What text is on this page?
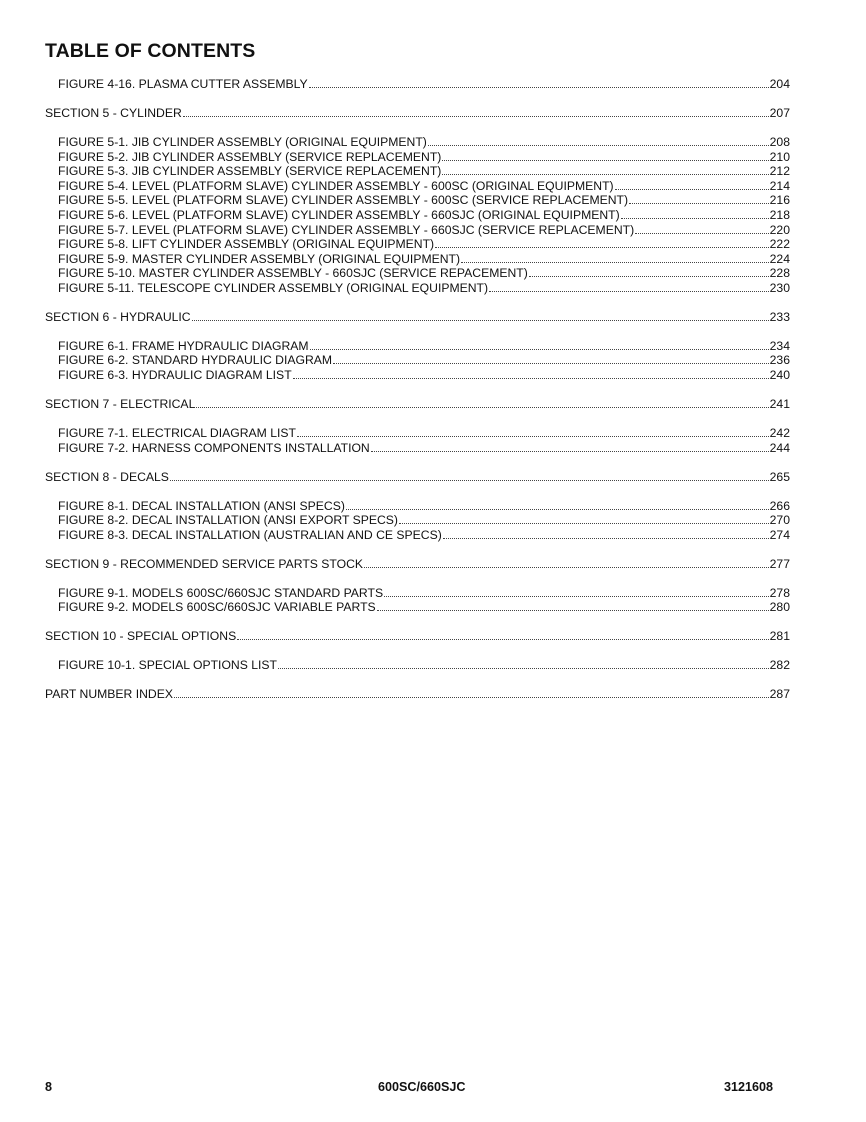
TABLE OF CONTENTS
FIGURE 4-16. PLASMA CUTTER ASSEMBLY	204
SECTION 5 - CYLINDER	207
FIGURE 5-1. JIB CYLINDER ASSEMBLY (ORIGINAL EQUIPMENT)	208
FIGURE 5-2. JIB CYLINDER ASSEMBLY (SERVICE REPLACEMENT)	210
FIGURE 5-3. JIB CYLINDER ASSEMBLY (SERVICE REPLACEMENT)	212
FIGURE 5-4. LEVEL (PLATFORM SLAVE) CYLINDER ASSEMBLY - 600SC (ORIGINAL EQUIPMENT)	214
FIGURE 5-5. LEVEL (PLATFORM SLAVE) CYLINDER ASSEMBLY - 600SC (SERVICE REPLACEMENT)	216
FIGURE 5-6. LEVEL (PLATFORM SLAVE) CYLINDER ASSEMBLY - 660SJC (ORIGINAL EQUIPMENT)	218
FIGURE 5-7. LEVEL (PLATFORM SLAVE) CYLINDER ASSEMBLY - 660SJC (SERVICE REPLACEMENT)	220
FIGURE 5-8. LIFT CYLINDER ASSEMBLY (ORIGINAL EQUIPMENT)	222
FIGURE 5-9. MASTER CYLINDER ASSEMBLY (ORIGINAL EQUIPMENT)	224
FIGURE 5-10. MASTER CYLINDER ASSEMBLY - 660SJC (SERVICE REPACEMENT)	228
FIGURE 5-11. TELESCOPE CYLINDER ASSEMBLY (ORIGINAL EQUIPMENT)	230
SECTION 6 - HYDRAULIC	233
FIGURE 6-1. FRAME HYDRAULIC DIAGRAM	234
FIGURE 6-2. STANDARD HYDRAULIC DIAGRAM	236
FIGURE 6-3. HYDRAULIC DIAGRAM LIST	240
SECTION 7 - ELECTRICAL	241
FIGURE 7-1. ELECTRICAL DIAGRAM LIST	242
FIGURE 7-2. HARNESS COMPONENTS INSTALLATION	244
SECTION 8 - DECALS	265
FIGURE 8-1. DECAL INSTALLATION (ANSI SPECS)	266
FIGURE 8-2. DECAL INSTALLATION (ANSI EXPORT SPECS)	270
FIGURE 8-3. DECAL INSTALLATION (AUSTRALIAN AND CE SPECS)	274
SECTION 9 - RECOMMENDED SERVICE PARTS STOCK	277
FIGURE 9-1. MODELS 600SC/660SJC STANDARD PARTS	278
FIGURE 9-2. MODELS 600SC/660SJC VARIABLE PARTS	280
SECTION 10 - SPECIAL OPTIONS	281
FIGURE 10-1. SPECIAL OPTIONS LIST	282
PART NUMBER INDEX	287
8	600SC/660SJC	3121608
